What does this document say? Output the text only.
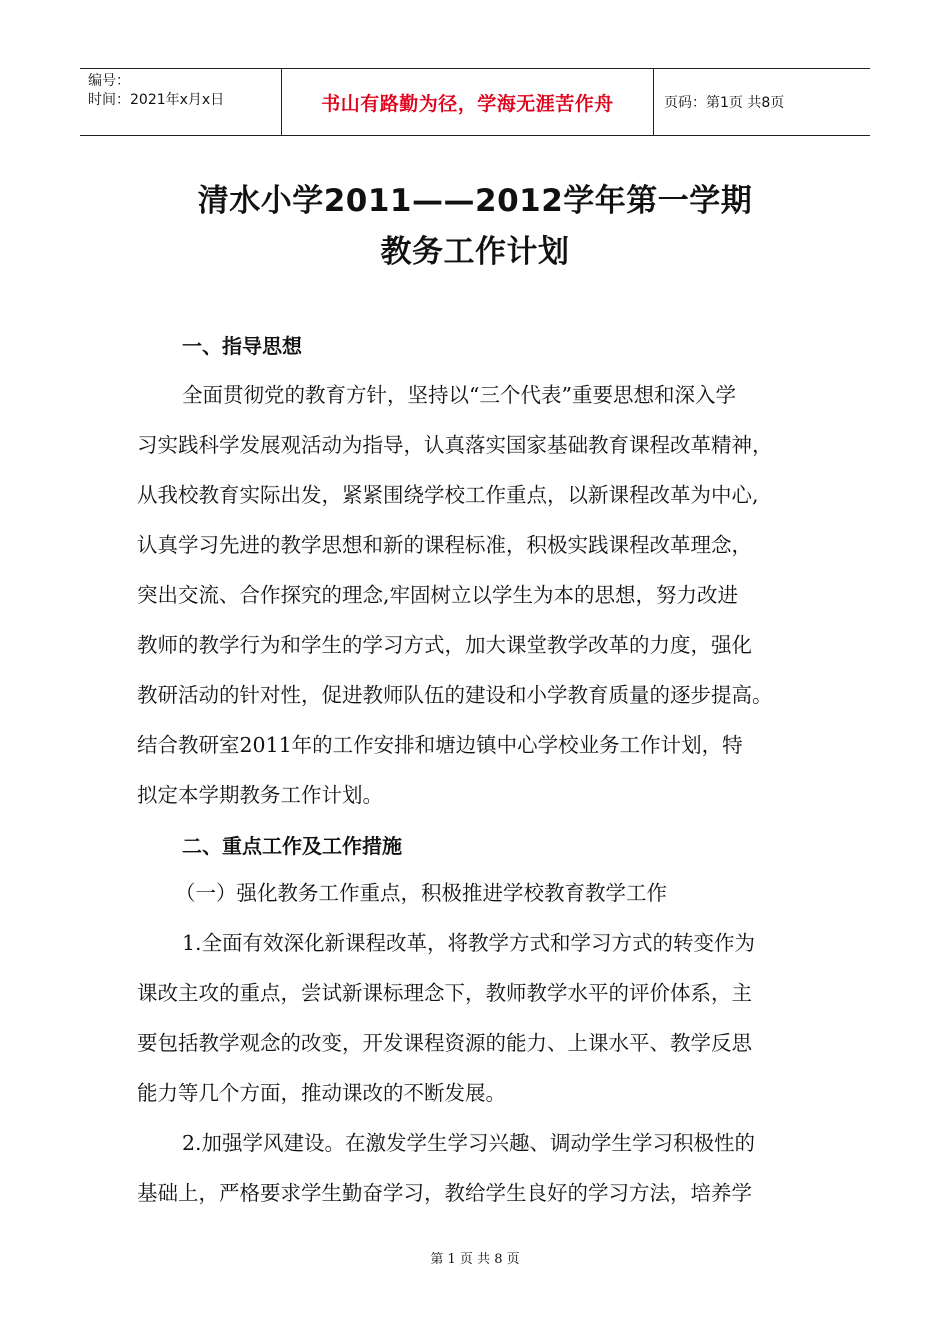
编号：
时间：2021年x月x日	书山有路勤为径，学海无涯苦作舟	页码：第1页 共8页
清水小学2011——2012学年第一学期
教务工作计划
一、指导思想
全面贯彻党的教育方针，坚持以“三个代表”重要思想和深入学
习实践科学发展观活动为指导，认真落实国家基础教育课程改革精神，
从我校教育实际出发，紧紧围绕学校工作重点，以新课程改革为中心,
认真学习先进的教学思想和新的课程标准，积极实践课程改革理念，
突出交流、合作探究的理念,牢固树立以学生为本的思想，努力改进
教师的教学行为和学生的学习方式，加大课堂教学改革的力度，强化
教研活动的针对性，促进教师队伍的建设和小学教育质量的逐步提高。
结合教研室2011年的工作安排和塘边镇中心学校业务工作计划，特
拟定本学期教务工作计划。
二、重点工作及工作措施
（一）强化教务工作重点，积极推进学校教育教学工作
1.全面有效深化新课程改革，将教学方式和学习方式的转变作为
课改主攻的重点，尝试新课标理念下，教师教学水平的评价体系，主
要包括教学观念的改变，开发课程资源的能力、上课水平、教学反思
能力等几个方面，推动课改的不断发展。
2.加强学风建设。在激发学生学习兴趣、调动学生学习积极性的
基础上，严格要求学生勤奋学习，教给学生良好的学习方法，培养学
第 1 页 共 8 页
